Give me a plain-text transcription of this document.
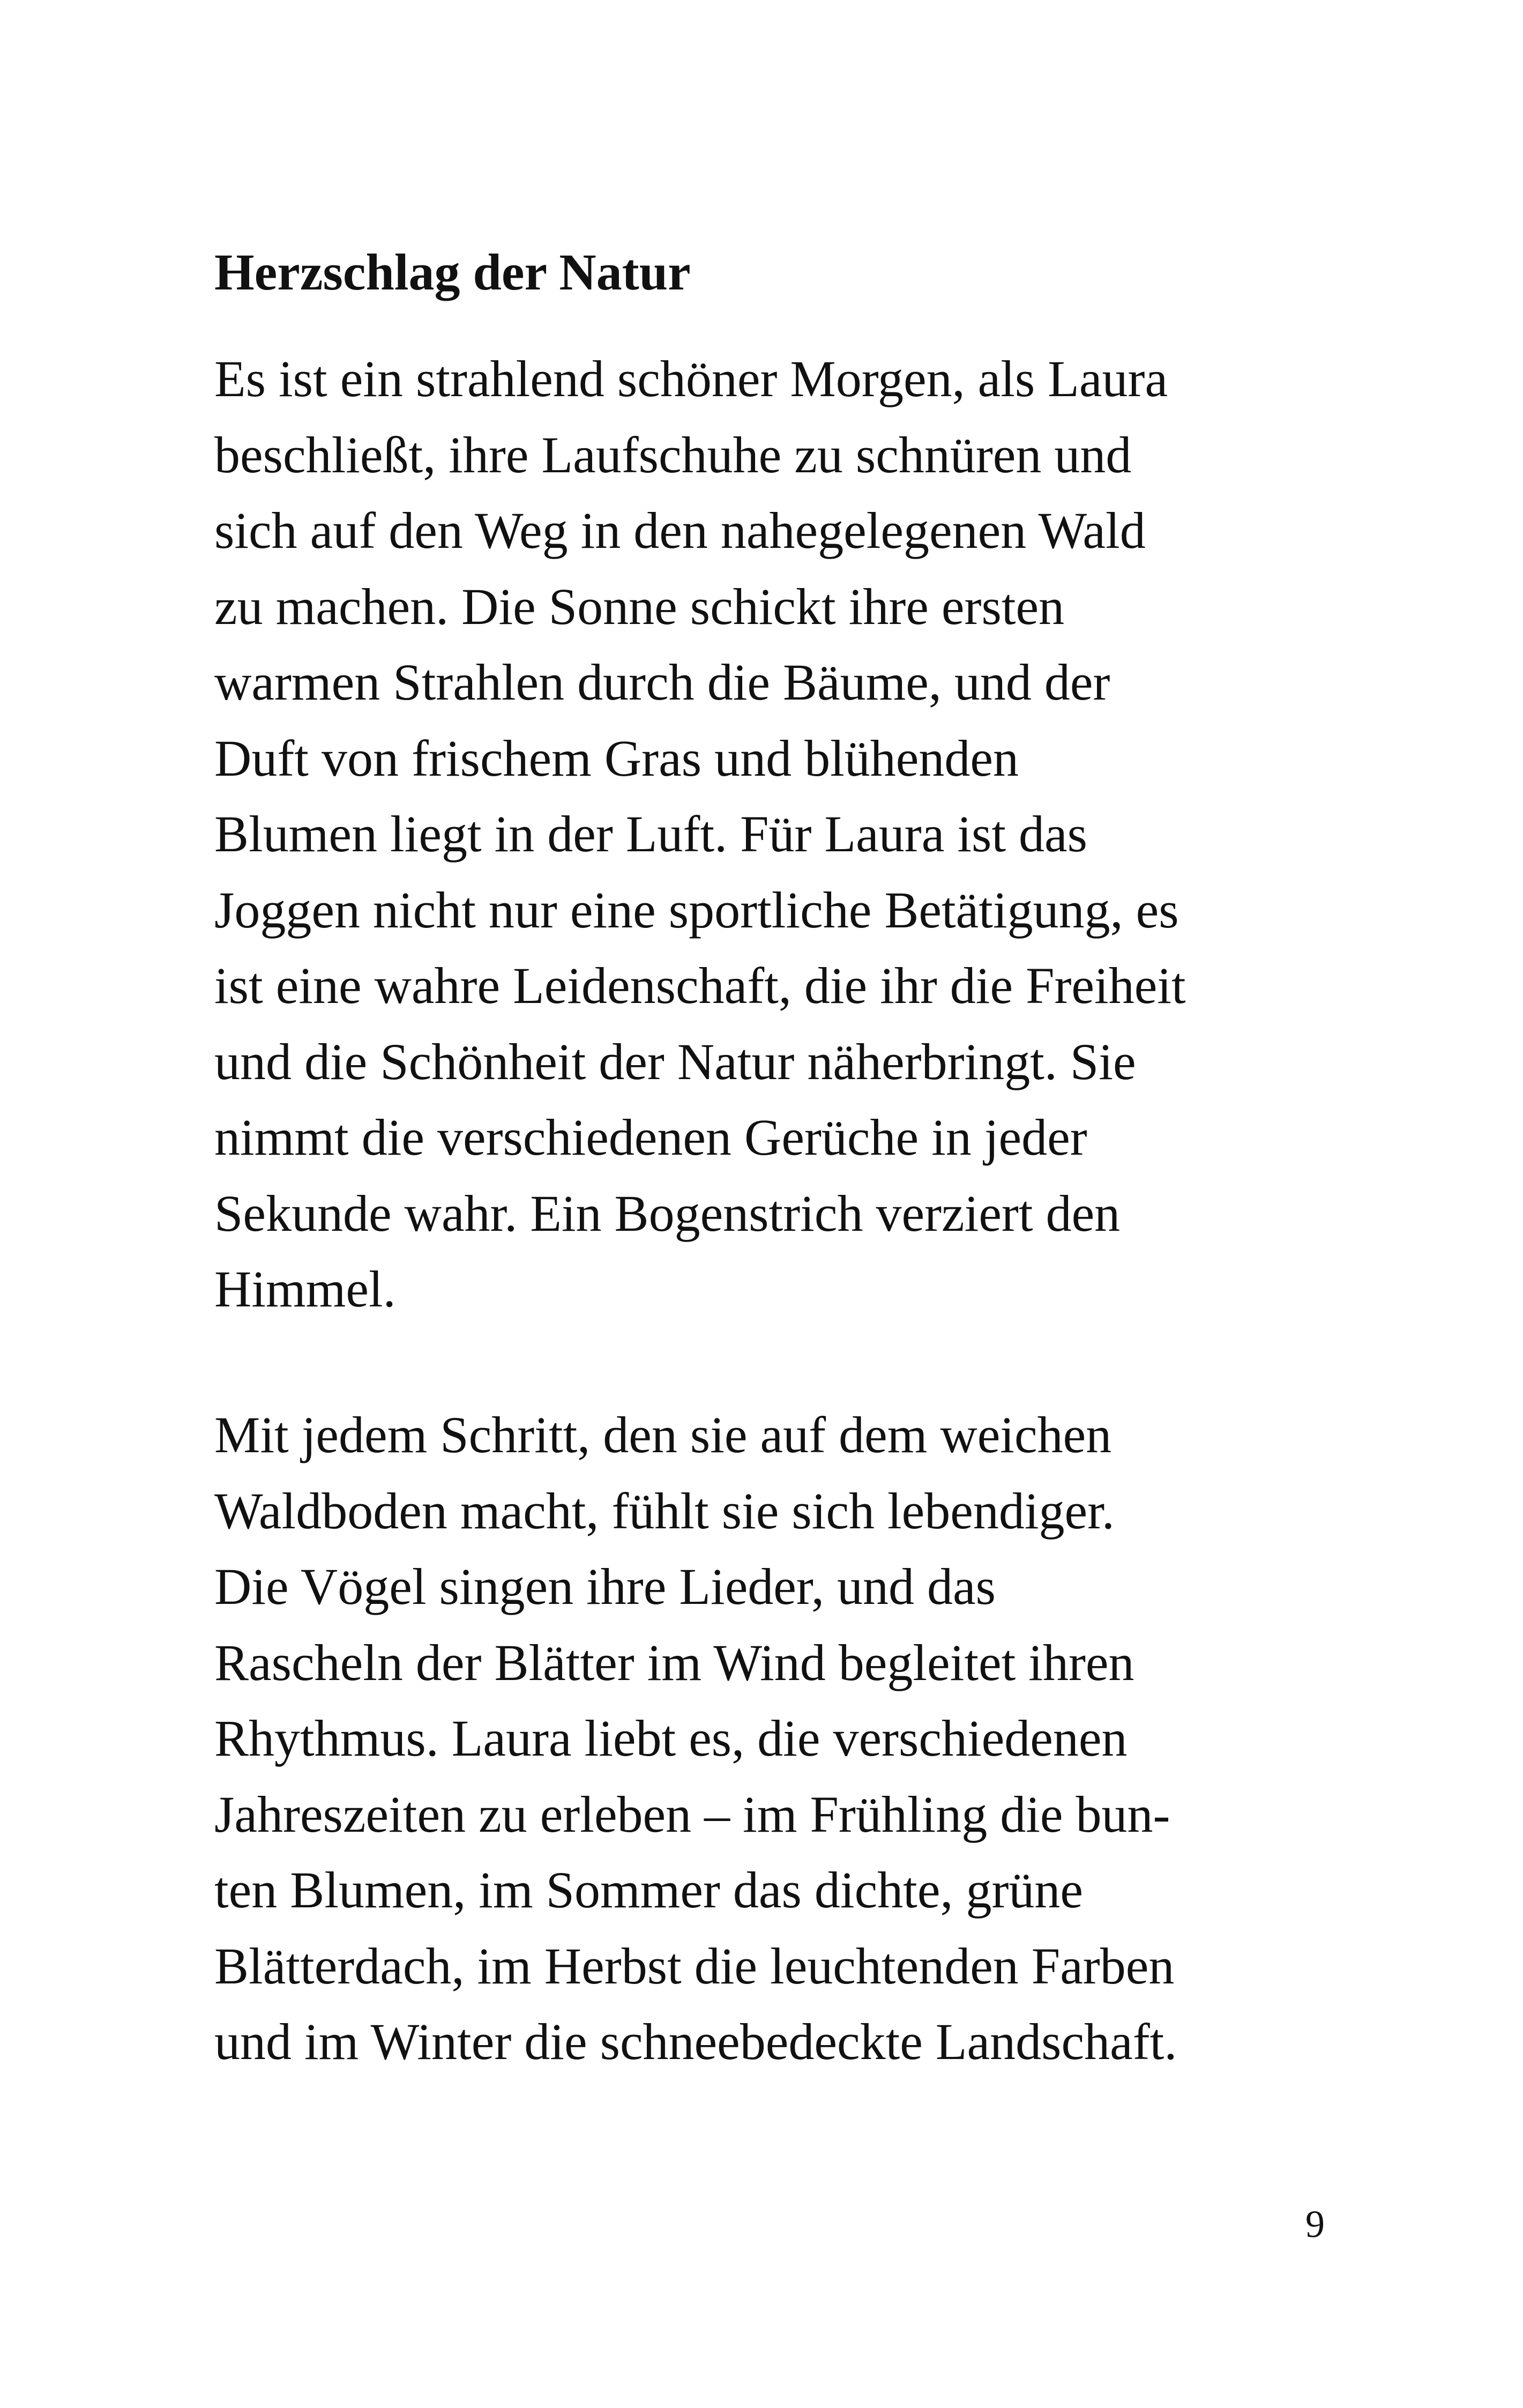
Herzschlag der Natur

Es ist ein strahlend schöner Morgen, als Laura
beschließt, ihre Laufschuhe zu schnüren und
sich auf den Weg in den nahegelegenen Wald
zu machen. Die Sonne schickt ihre ersten
warmen Strahlen durch die Bäume, und der
Duft von frischem Gras und blühenden
Blumen liegt in der Luft. Für Laura ist das
Joggen nicht nur eine sportliche Betätigung, es
ist eine wahre Leidenschaft, die ihr die Freiheit
und die Schönheit der Natur näherbringt. Sie
nimmt die verschiedenen Gerüche in jeder
Sekunde wahr. Ein Bogenstrich verziert den
Himmel.

Mit jedem Schritt, den sie auf dem weichen
Waldboden macht, fühlt sie sich lebendiger.
Die Vögel singen ihre Lieder, und das
Rascheln der Blätter im Wind begleitet ihren
Rhythmus. Laura liebt es, die verschiedenen
Jahreszeiten zu erleben – im Frühling die bun-
ten Blumen, im Sommer das dichte, grüne
Blätterdach, im Herbst die leuchtenden Farben
und im Winter die schneebedeckte Landschaft.

9
